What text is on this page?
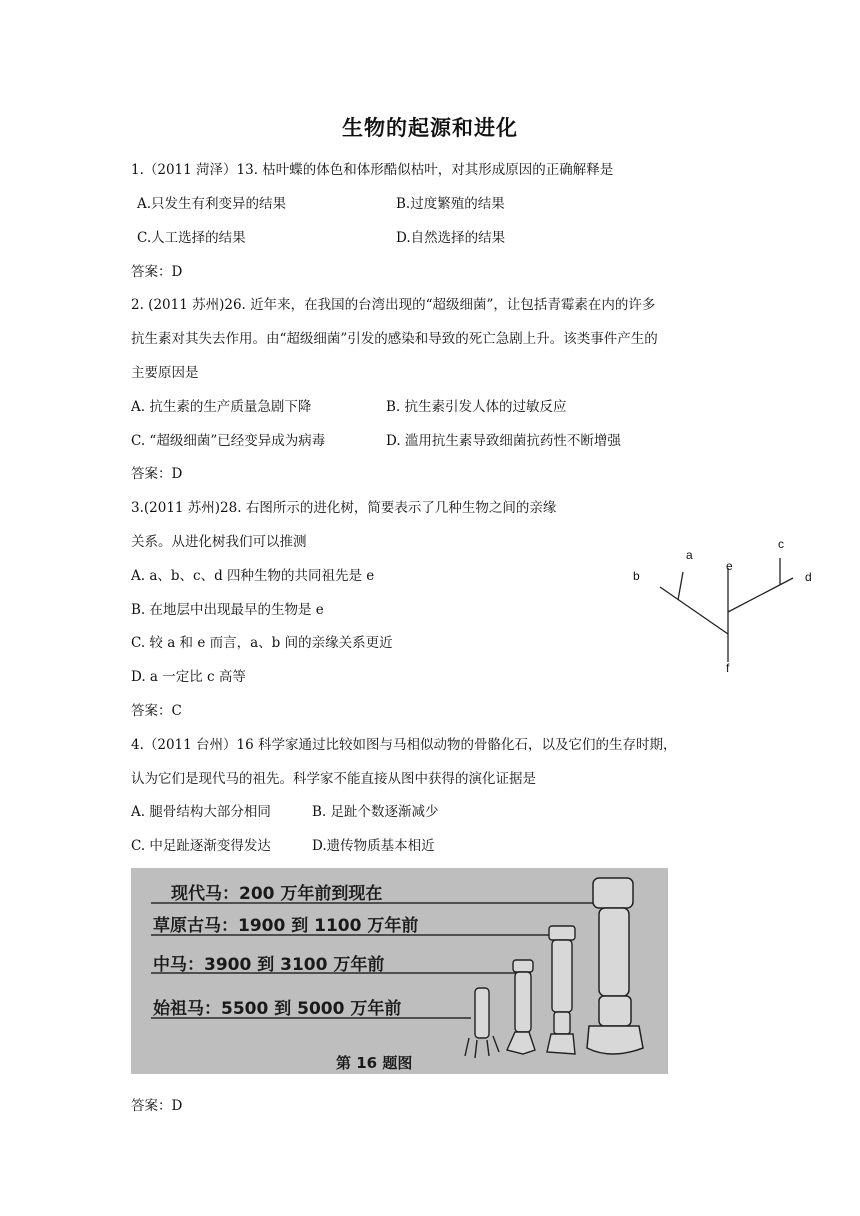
生物的起源和进化
1.（2011 菏泽）13. 枯叶蝶的体色和体形酷似枯叶，对其形成原因的正确解释是
A.只发生有利变异的结果	B.过度繁殖的结果
C.人工选择的结果	D.自然选择的结果
答案：D
2. (2011 苏州)26. 近年来，在我国的台湾出现的“超级细菌”，让包括青霉素在内的许多
抗生素对其失去作用。由“超级细菌”引发的感染和导致的死亡急剧上升。该类事件产生的
主要原因是
A. 抗生素的生产质量急剧下降	B. 抗生素引发人体的过敏反应
C. “超级细菌”已经变异成为病毒	D. 滥用抗生素导致细菌抗药性不断增强
答案：D
3.(2011 苏州)28. 右图所示的进化树，简要表示了几种生物之间的亲缘
关系。从进化树我们可以推测
A. a、b、c、d 四种生物的共同祖先是 e
B. 在地层中出现最早的生物是 e
C. 较 a 和 e 而言，a、b 间的亲缘关系更近
D. a 一定比 c 高等
答案：C
a
b
c
d
e
f
4.（2011 台州）16 科学家通过比较如图与马相似动物的骨骼化石，以及它们的生存时期，
认为它们是现代马的祖先。科学家不能直接从图中获得的演化证据是
A. 腿骨结构大部分相同	B. 足趾个数逐渐减少
C. 中足趾逐渐变得发达	D.遗传物质基本相近
现代马：200 万年前到现在
草原古马：1900 到 1100 万年前
中马：3900 到 3100 万年前
始祖马：5500 到 5000 万年前
第 16 题图
答案：D
